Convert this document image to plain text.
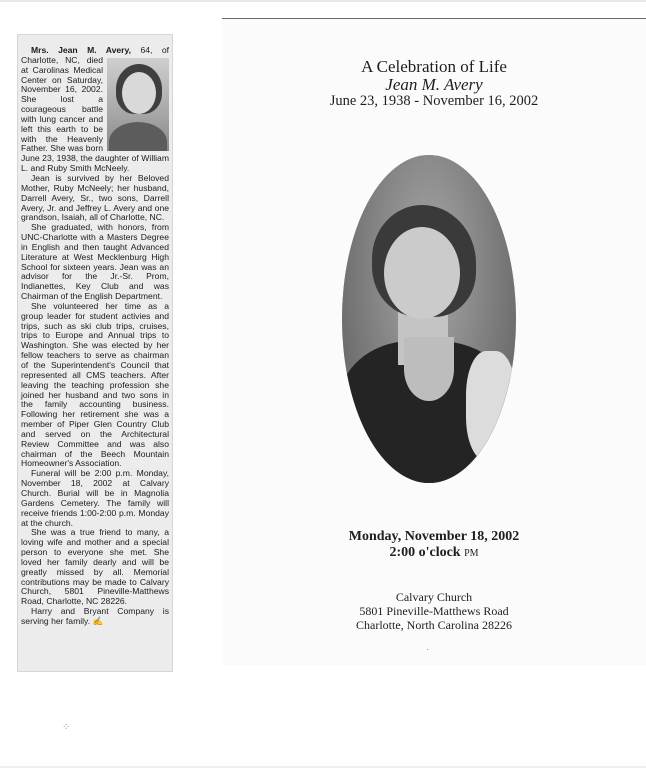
Mrs. Jean M. Avery, 64, of Charlotte, NC, died at Carolinas Medical Center on Saturday, November 16, 2002. She lost a courageous battle with lung cancer and left this earth to be with the Heavenly Father. She was born June 23, 1938, the daughter of William L. and Ruby Smith McNeely.

Jean is survived by her Beloved Mother, Ruby McNeely; her husband, Darrell Avery, Sr., two sons, Darrell Avery, Jr. and Jeffrey L. Avery and one grandson, Isaiah, all of Charlotte, NC.

She graduated, with honors, from UNC-Charlotte with a Masters Degree in English and then taught Advanced Literature at West Mecklenburg High School for sixteen years. Jean was an advisor for the Jr.-Sr. Prom, Indianettes, Key Club and was Chairman of the English Department.

She volunteered her time as a group leader for student activies and trips, such as ski club trips, cruises, trips to Europe and Annual trips to Washington. She was elected by her fellow teachers to serve as chairman of the Superintendent's Council that represented all CMS teachers. After leaving the teaching profession she joined her husband and two sons in the family accounting business. Following her retirement she was a member of Piper Glen Country Club and served on the Architectural Review Committee and was also chairman of the Beech Mountain Homeowner's Association.

Funeral will be 2:00 p.m. Monday, November 18, 2002 at Calvary Church. Burial will be in Magnolia Gardens Cemetery. The family will receive friends 1:00-2:00 p.m. Monday at the church.

She was a true friend to many, a loving wife and mother and a special person to everyone she met. She loved her family dearly and will be greatly missed by all. Memorial contributions may be made to Calvary Church, 5801 Pineville-Matthews Road, Charlotte, NC 28226.

Harry and Bryant Company is serving her family. ✍

A Celebration of Life
Jean M. Avery
June 23, 1938 - November 16, 2002
Monday, November 18, 2002
2:00 o'clock PM
Calvary Church
5801 Pineville-Matthews Road
Charlotte, North Carolina 28226
⁘
·
